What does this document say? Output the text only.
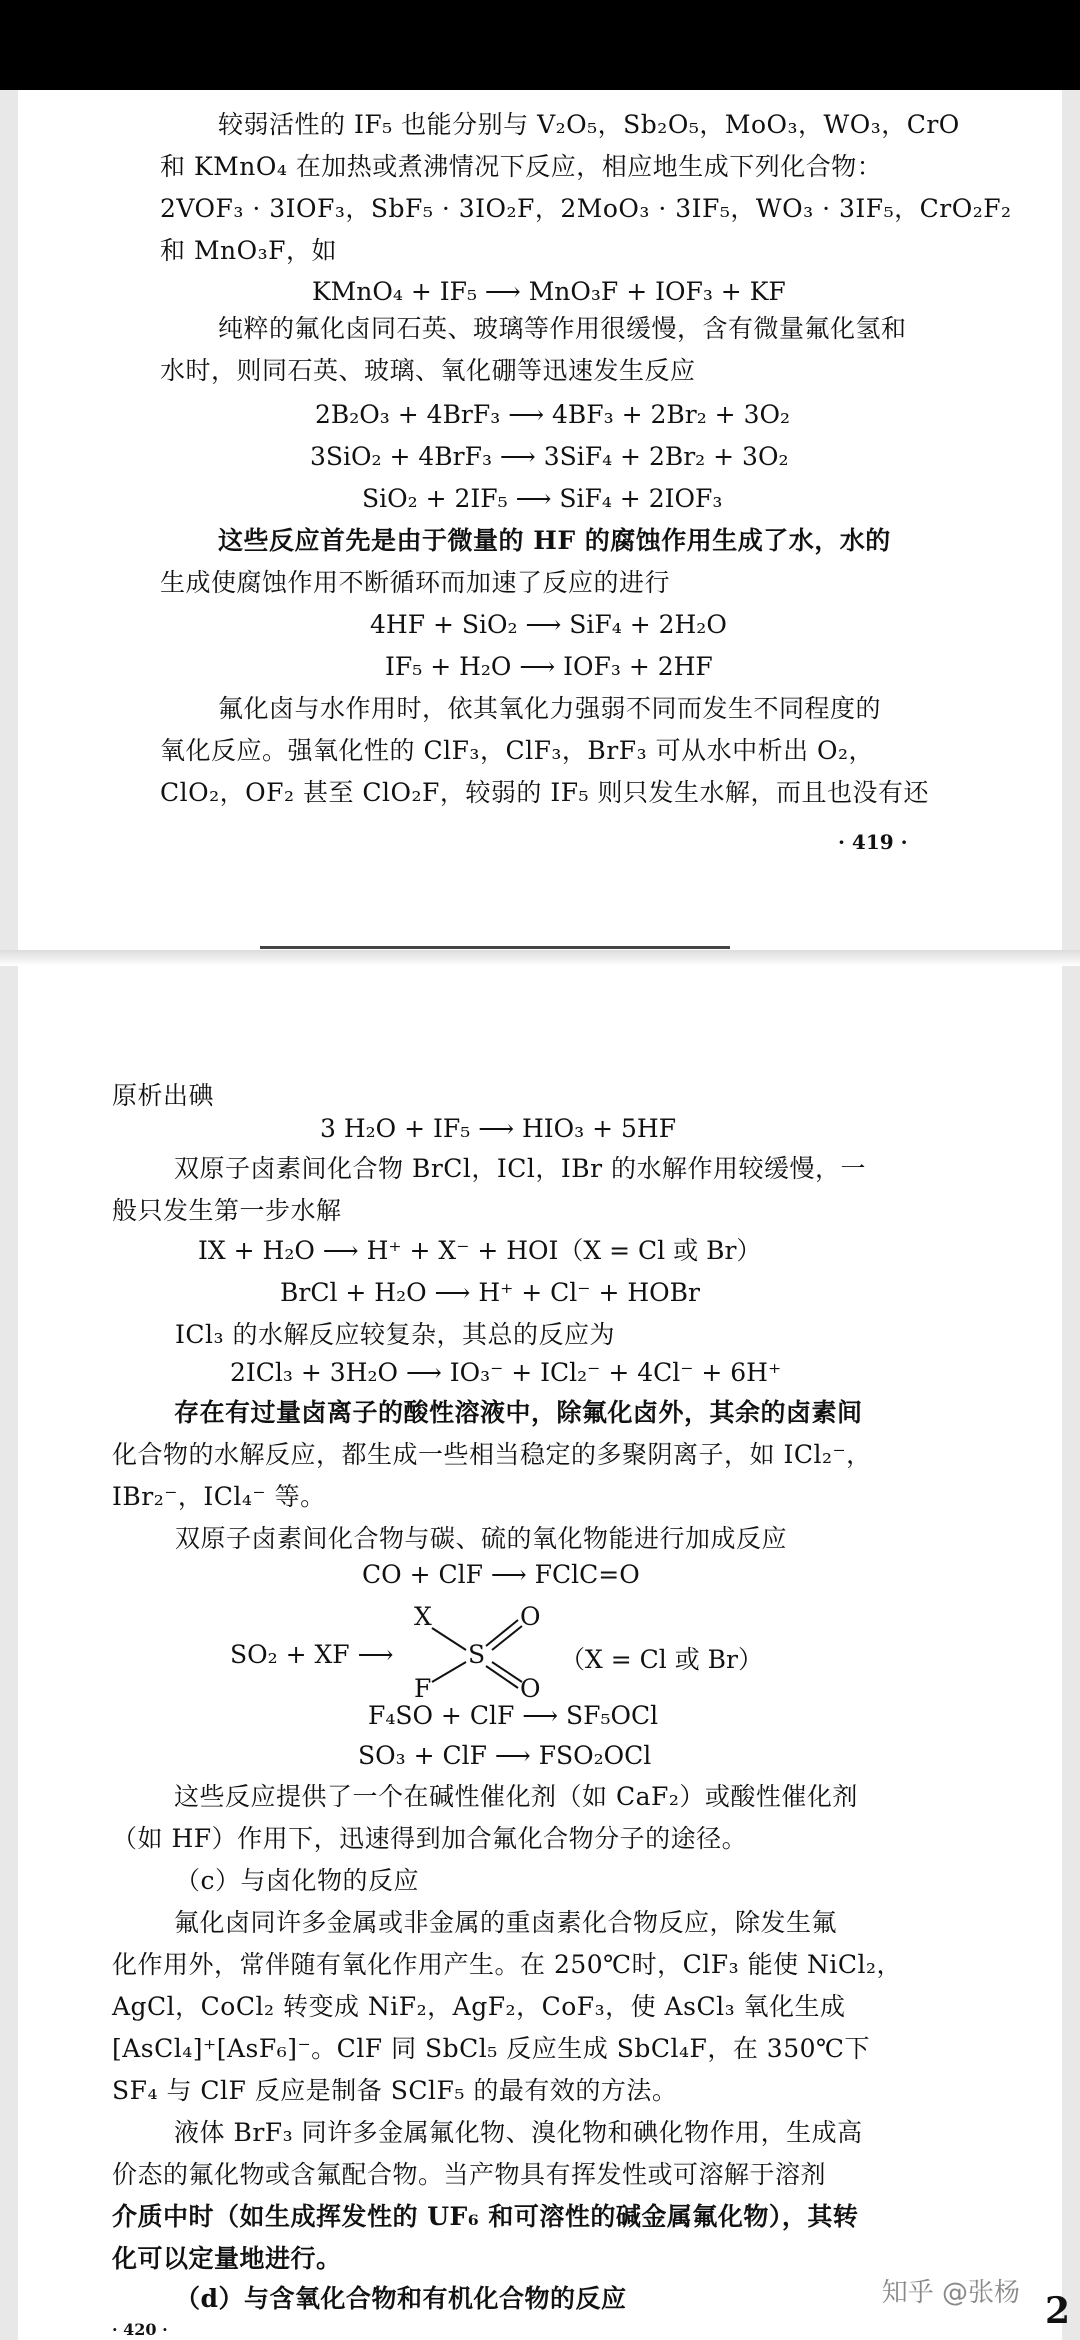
较弱活性的 IF₅ 也能分别与 V₂O₅，Sb₂O₅，MoO₃，WO₃，CrO
和 KMnO₄ 在加热或煮沸情况下反应，相应地生成下列化合物：
2VOF₃ · 3IOF₃，SbF₅ · 3IO₂F，2MoO₃ · 3IF₅，WO₃ · 3IF₅，CrO₂F₂
和 MnO₃F，如
KMnO₄ + IF₅ ⟶ MnO₃F + IOF₃ + KF
纯粹的氟化卤同石英、玻璃等作用很缓慢，含有微量氟化氢和
水时，则同石英、玻璃、氧化硼等迅速发生反应
2B₂O₃ + 4BrF₃ ⟶ 4BF₃ + 2Br₂ + 3O₂
3SiO₂ + 4BrF₃ ⟶ 3SiF₄ + 2Br₂ + 3O₂
SiO₂ + 2IF₅ ⟶ SiF₄ + 2IOF₃
这些反应首先是由于微量的 HF 的腐蚀作用生成了水，水的
生成使腐蚀作用不断循环而加速了反应的进行
4HF + SiO₂ ⟶ SiF₄ + 2H₂O
IF₅ + H₂O ⟶ IOF₃ + 2HF
氟化卤与水作用时，依其氧化力强弱不同而发生不同程度的
氧化反应。强氧化性的 ClF₃，ClF₃，BrF₃ 可从水中析出 O₂，
ClO₂，OF₂ 甚至 ClO₂F，较弱的 IF₅ 则只发生水解，而且也没有还
· 419 ·
原析出碘
3 H₂O + IF₅ ⟶ HIO₃ + 5HF
双原子卤素间化合物 BrCl，ICl，IBr 的水解作用较缓慢，一
般只发生第一步水解
IX + H₂O ⟶ H⁺ + X⁻ + HOI（X = Cl 或 Br）
BrCl + H₂O ⟶ H⁺ + Cl⁻ + HOBr
ICl₃ 的水解反应较复杂，其总的反应为
2ICl₃ + 3H₂O ⟶ IO₃⁻ + ICl₂⁻ + 4Cl⁻ + 6H⁺
存在有过量卤离子的酸性溶液中，除氟化卤外，其余的卤素间
化合物的水解反应，都生成一些相当稳定的多聚阴离子，如 ICl₂⁻，
IBr₂⁻，ICl₄⁻ 等。
双原子卤素间化合物与碳、硫的氧化物能进行加成反应
CO + ClF ⟶ FClC=O
SO₂ + XF ⟶
X
F
S
O
O
（X = Cl 或 Br）
F₄SO + ClF ⟶ SF₅OCl
SO₃ + ClF ⟶ FSO₂OCl
这些反应提供了一个在碱性催化剂（如 CaF₂）或酸性催化剂
（如 HF）作用下，迅速得到加合氟化合物分子的途径。
（c）与卤化物的反应
氟化卤同许多金属或非金属的重卤素化合物反应，除发生氟
化作用外，常伴随有氧化作用产生。在 250℃时，ClF₃ 能使 NiCl₂，
AgCl，CoCl₂ 转变成 NiF₂，AgF₂，CoF₃，使 AsCl₃ 氧化生成
[AsCl₄]⁺[AsF₆]⁻。ClF 同 SbCl₅ 反应生成 SbCl₄F，在 350℃下
SF₄ 与 ClF 反应是制备 SClF₅ 的最有效的方法。
液体 BrF₃ 同许多金属氟化物、溴化物和碘化物作用，生成高
价态的氟化物或含氟配合物。当产物具有挥发性或可溶解于溶剂
介质中时（如生成挥发性的 UF₆ 和可溶性的碱金属氟化物），其转
化可以定量地进行。
（d）与含氧化合物和有机化合物的反应
· 420 ·
知乎 @张杨 2
